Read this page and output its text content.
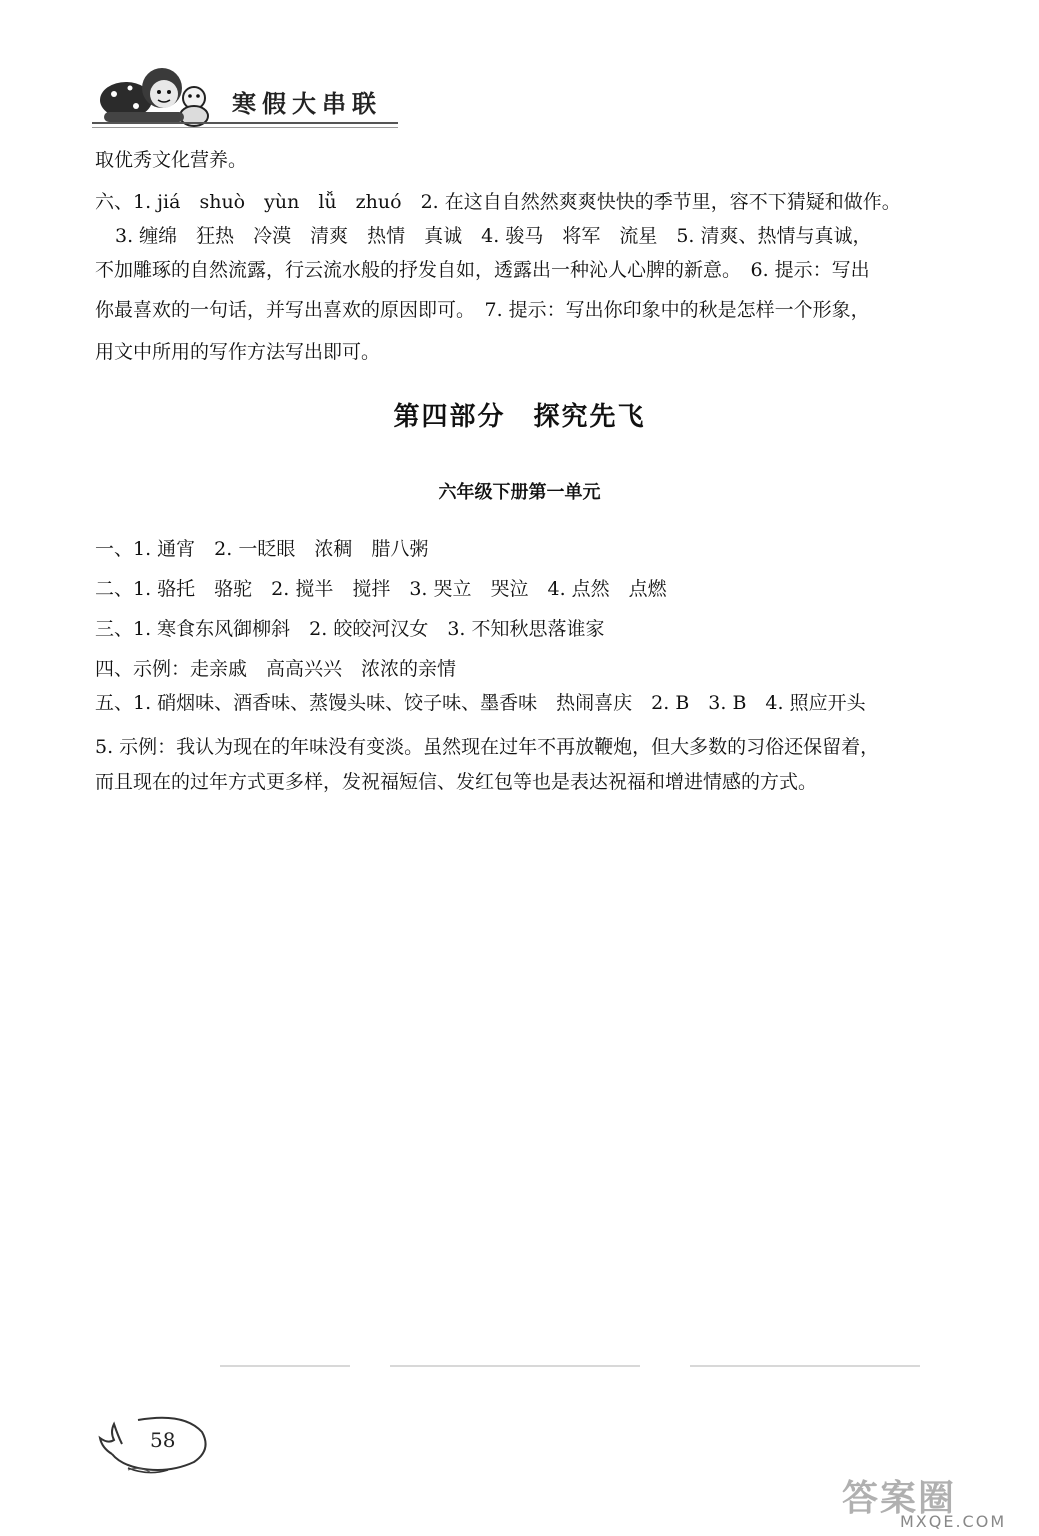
寒假大串联
取优秀文化营养。
六、1. jiá　shuò　yùn　lǚ　zhuó　2. 在这自自然然爽爽快快的季节里，容不下猜疑和做作。
3. 缠绵　狂热　冷漠　清爽　热情　真诚　4. 骏马　将军　流星　5. 清爽、热情与真诚，
不加雕琢的自然流露，行云流水般的抒发自如，透露出一种沁人心脾的新意。　6. 提示：写出
你最喜欢的一句话，并写出喜欢的原因即可。　7. 提示：写出你印象中的秋是怎样一个形象，
用文中所用的写作方法写出即可。
第四部分　探究先飞
六年级下册第一单元
一、1. 通宵　2. 一眨眼　浓稠　腊八粥
二、1. 骆托　骆驼　2. 搅半　搅拌　3. 哭立　哭泣　4. 点然　点燃
三、1. 寒食东风御柳斜　2. 皎皎河汉女　3. 不知秋思落谁家
四、示例：走亲戚　高高兴兴　浓浓的亲情
五、1. 硝烟味、酒香味、蒸馒头味、饺子味、墨香味　热闹喜庆　2. B　3. B　4. 照应开头
5. 示例：我认为现在的年味没有变淡。虽然现在过年不再放鞭炮，但大多数的习俗还保留着，
而且现在的过年方式更多样，发祝福短信、发红包等也是表达祝福和增进情感的方式。
58
答案圈
MXQE.COM
